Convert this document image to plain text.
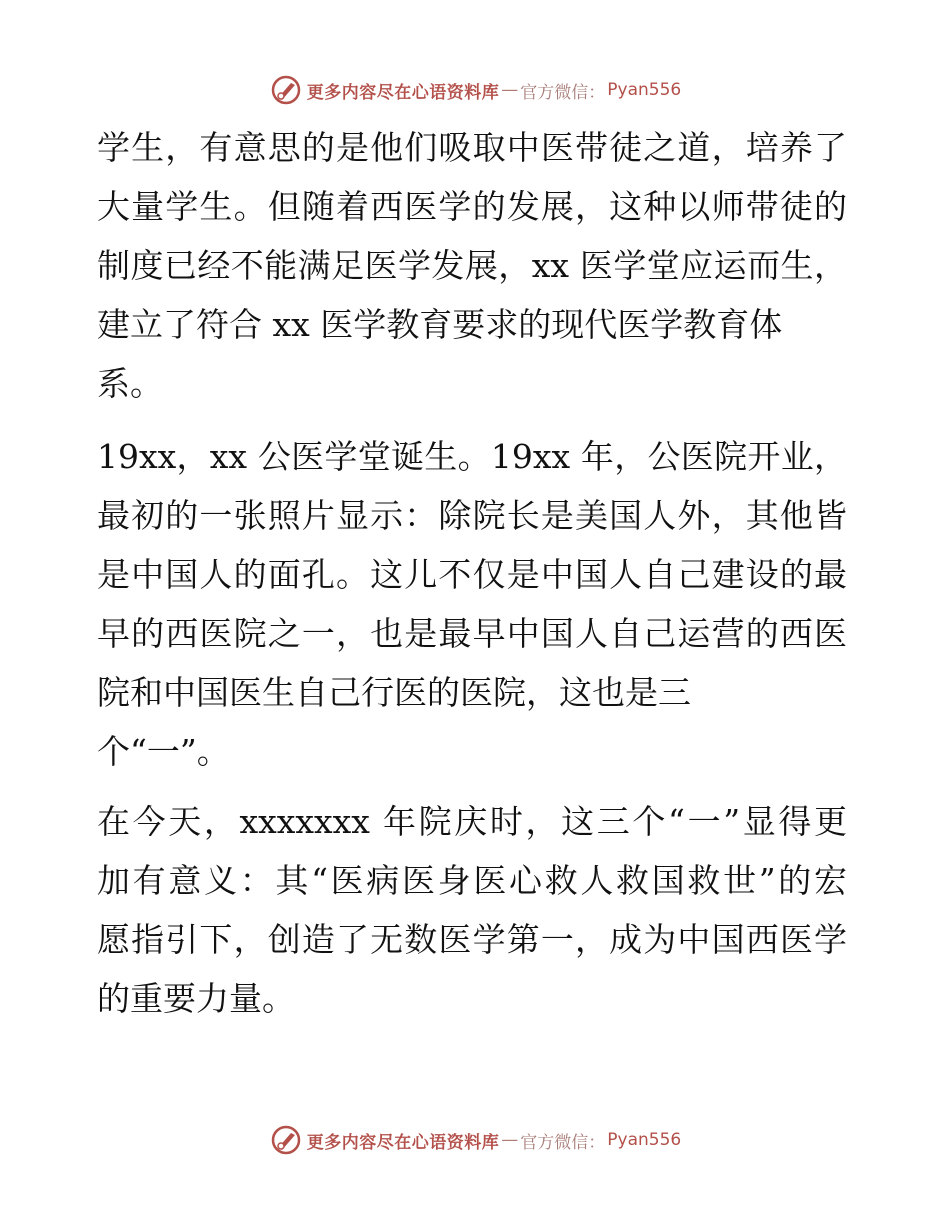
更多内容尽在心语资料库 — 官方微信： Pyan556
学生，有意思的是他们吸取中医带徒之道，培养了
大量学生。但随着西医学的发展，这种以师带徒的
制度已经不能满足医学发展，xx 医学堂应运而生，
建立了符合 xx 医学教育要求的现代医学教育体
系。
19xx，xx 公医学堂诞生。19xx 年，公医院开业，
最初的一张照片显示：除院长是美国人外，其他皆
是中国人的面孔。这儿不仅是中国人自己建设的最
早的西医院之一，也是最早中国人自己运营的西医
院和中国医生自己行医的医院，这也是三
个“一”。
在今天，xxxxxxx 年院庆时，这三个“一”显得更
加有意义：其“医病医身医心救人救国救世”的宏
愿指引下，创造了无数医学第一，成为中国西医学
的重要力量。
更多内容尽在心语资料库 — 官方微信： Pyan556
